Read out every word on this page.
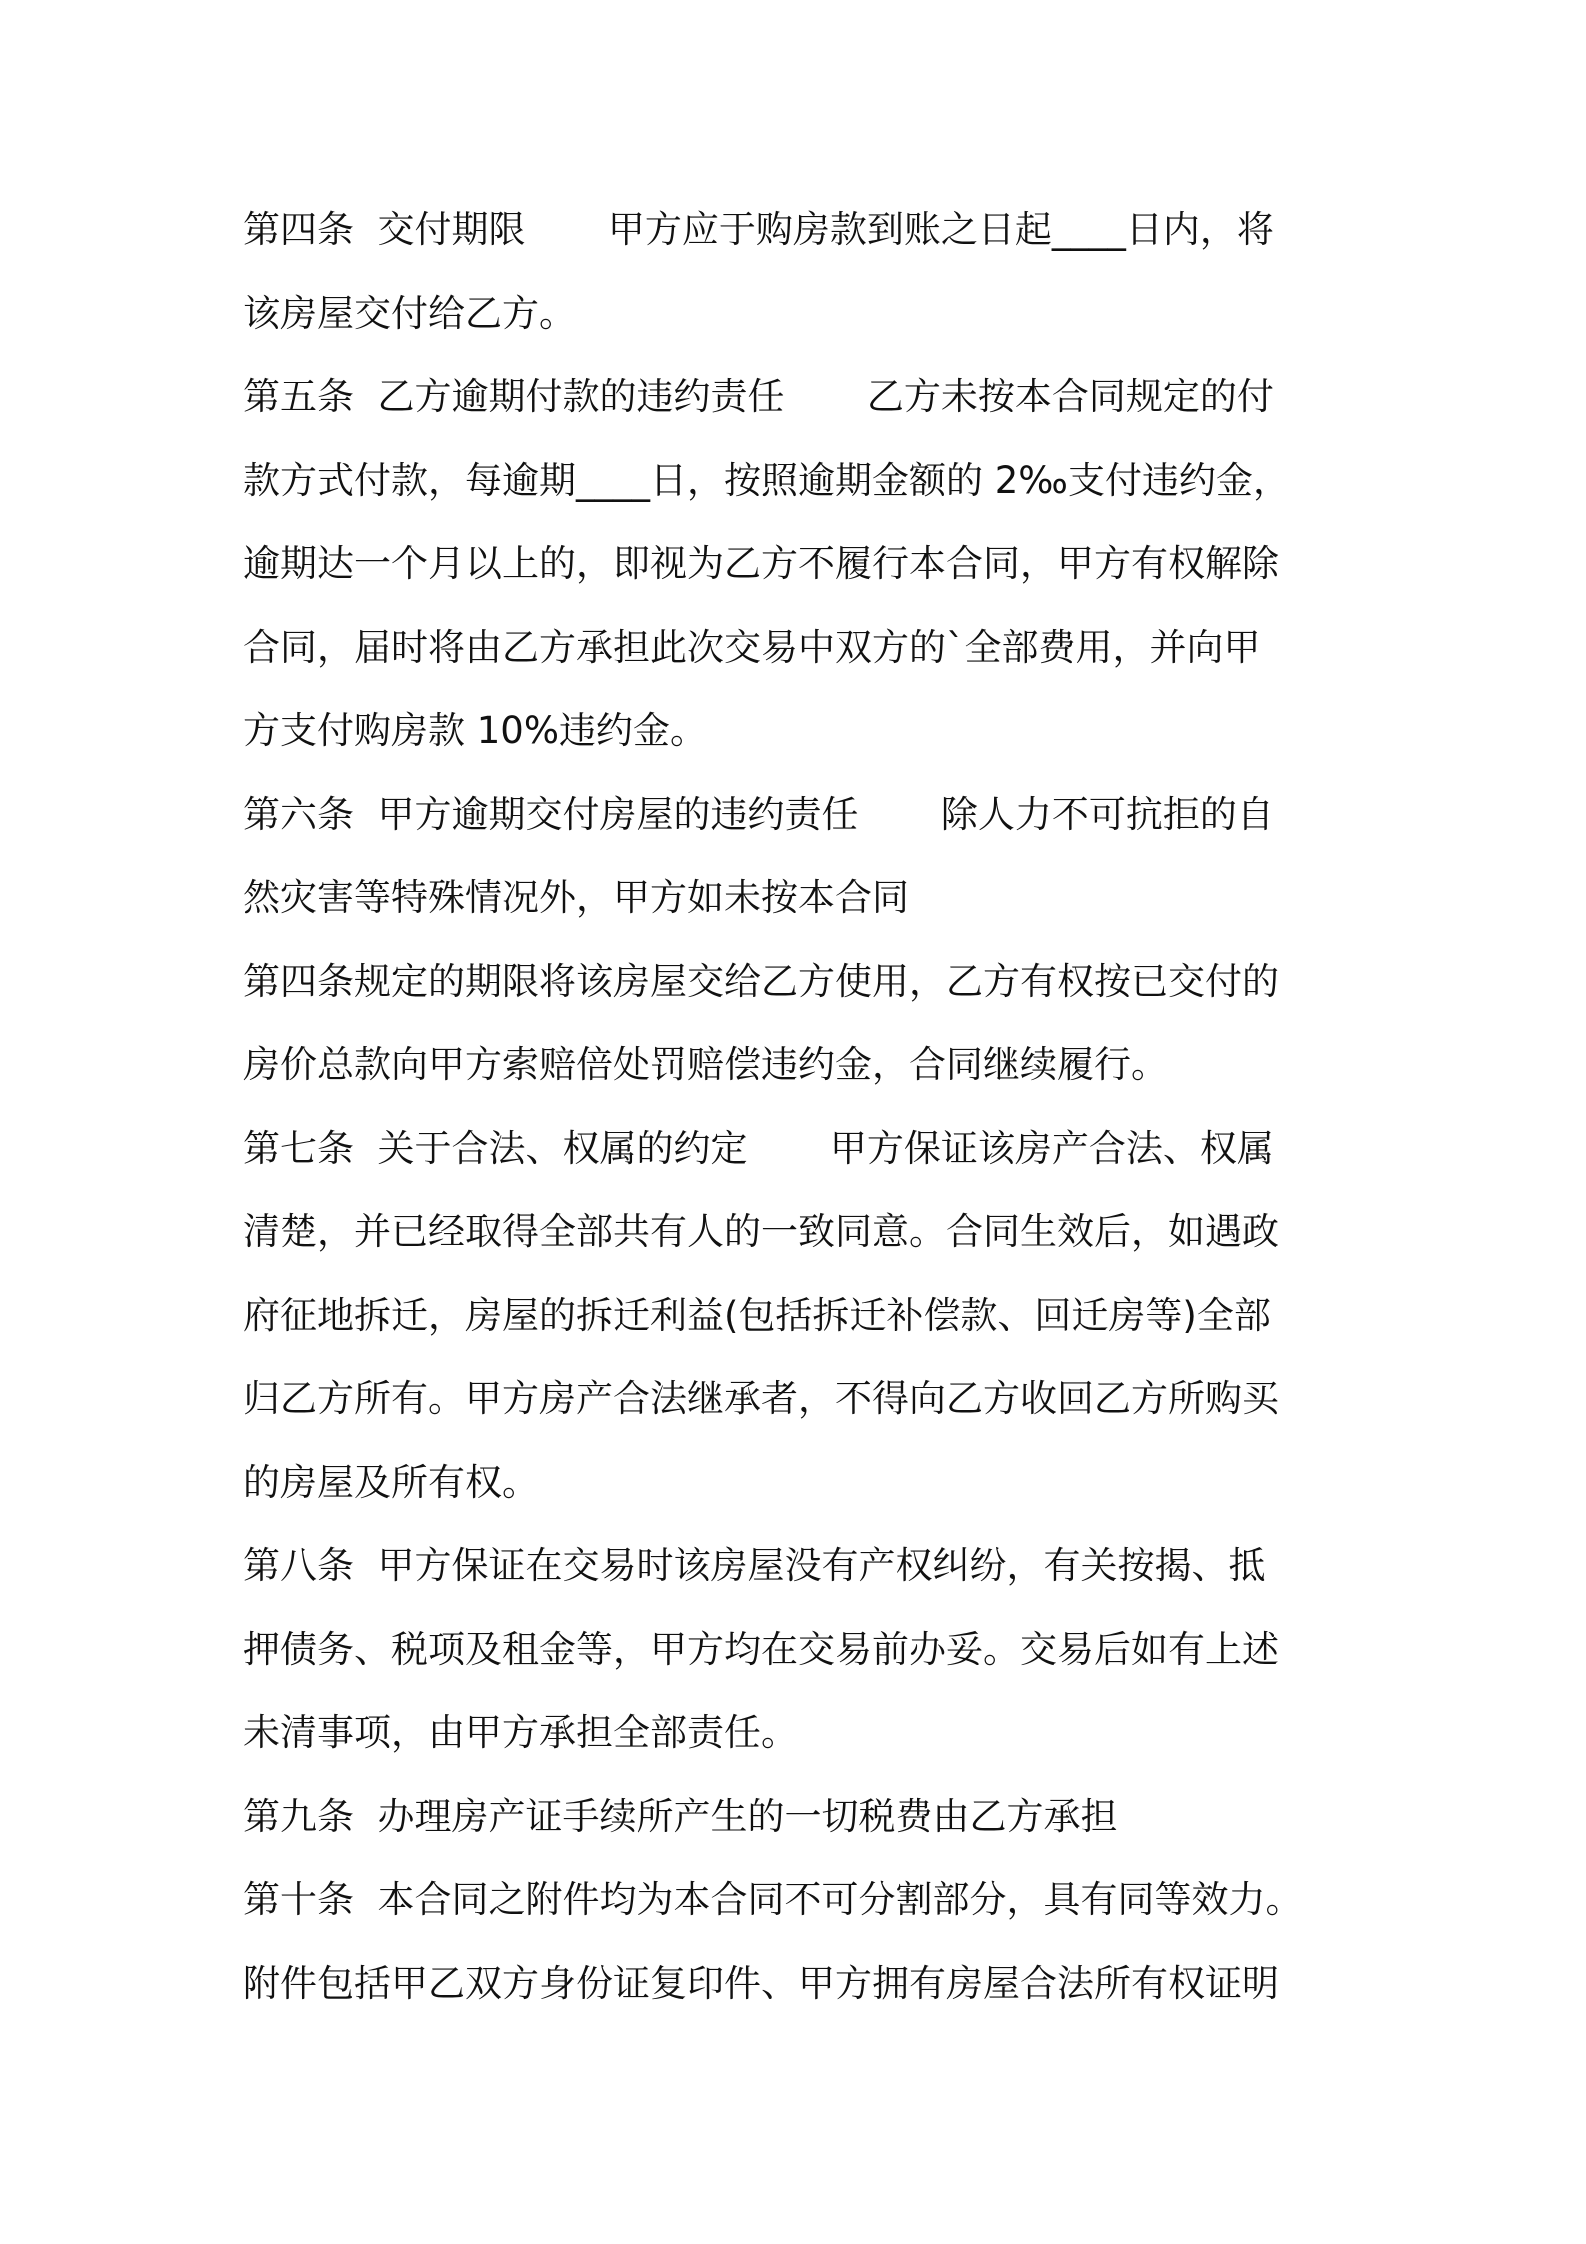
第四条  交付期限       甲方应于购房款到账之日起____日内，将
该房屋交付给乙方。
第五条  乙方逾期付款的违约责任       乙方未按本合同规定的付
款方式付款，每逾期____日，按照逾期金额的 2‰支付违约金，
逾期达一个月以上的，即视为乙方不履行本合同，甲方有权解除
合同，届时将由乙方承担此次交易中双方的`全部费用，并向甲
方支付购房款 10%违约金。
第六条  甲方逾期交付房屋的违约责任       除人力不可抗拒的自
然灾害等特殊情况外，甲方如未按本合同
第四条规定的期限将该房屋交给乙方使用，乙方有权按已交付的
房价总款向甲方索赔倍处罚赔偿违约金，合同继续履行。
第七条  关于合法、权属的约定       甲方保证该房产合法、权属
清楚，并已经取得全部共有人的一致同意。合同生效后，如遇政
府征地拆迁，房屋的拆迁利益(包括拆迁补偿款、回迁房等)全部
归乙方所有。甲方房产合法继承者，不得向乙方收回乙方所购买
的房屋及所有权。
第八条  甲方保证在交易时该房屋没有产权纠纷，有关按揭、抵
押债务、税项及租金等，甲方均在交易前办妥。交易后如有上述
未清事项，由甲方承担全部责任。
第九条  办理房产证手续所产生的一切税费由乙方承担
第十条  本合同之附件均为本合同不可分割部分，具有同等效力。
附件包括甲乙双方身份证复印件、甲方拥有房屋合法所有权证明
